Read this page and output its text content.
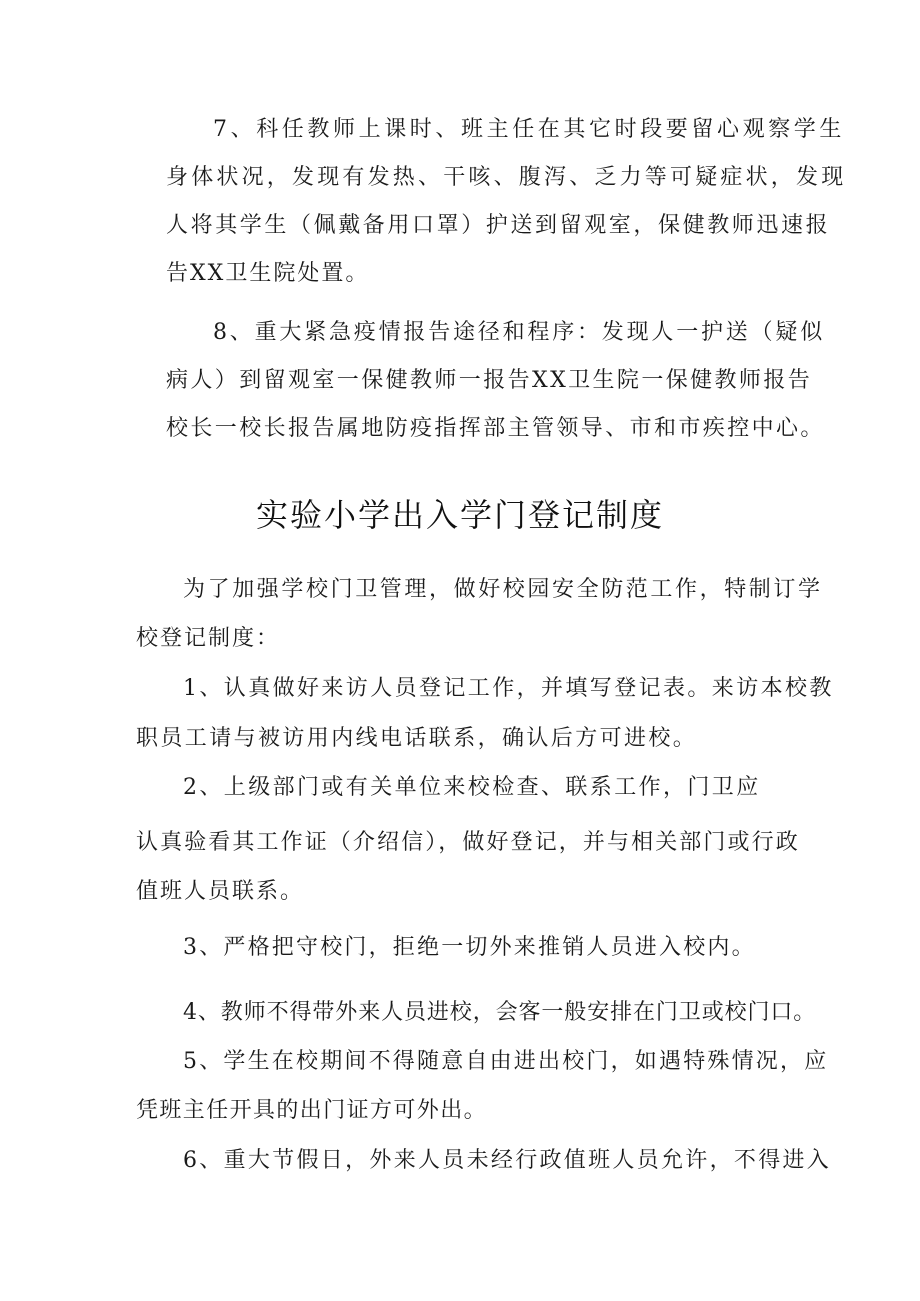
7、科任教师上课时、班主任在其它时段要留心观察学生
身体状况，发现有发热、干咳、腹泻、乏力等可疑症状，发现
人将其学生（佩戴备用口罩）护送到留观室，保健教师迅速报
告XX卫生院处置。
8、重大紧急疫情报告途径和程序：发现人一护送（疑似
病人）到留观室一保健教师一报告XX卫生院一保健教师报告
校长一校长报告属地防疫指挥部主管领导、市和市疾控中心。
实验小学出入学门登记制度
为了加强学校门卫管理，做好校园安全防范工作，特制订学
校登记制度：
1、认真做好来访人员登记工作，并填写登记表。来访本校教
职员工请与被访用内线电话联系，确认后方可进校。
2、上级部门或有关单位来校检查、联系工作，门卫应
认真验看其工作证（介绍信），做好登记，并与相关部门或行政
值班人员联系。
3、严格把守校门，拒绝一切外来推销人员进入校内。
4、教师不得带外来人员进校，会客一般安排在门卫或校门口。
5、学生在校期间不得随意自由进出校门，如遇特殊情况，应
凭班主任开具的出门证方可外出。
6、重大节假日，外来人员未经行政值班人员允许，不得进入
